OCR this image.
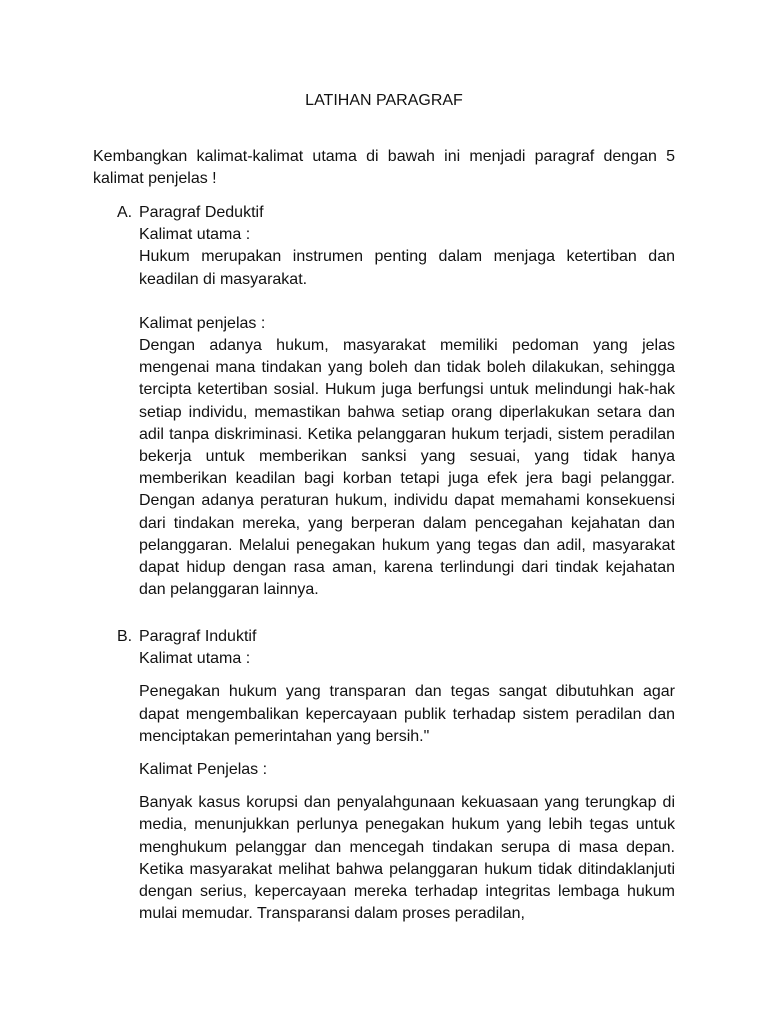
LATIHAN PARAGRAF
Kembangkan kalimat-kalimat utama di bawah ini menjadi paragraf dengan 5 kalimat penjelas !
A. Paragraf Deduktif

Kalimat utama :

Hukum merupakan instrumen penting dalam menjaga ketertiban dan keadilan di masyarakat.

Kalimat penjelas :

Dengan adanya hukum, masyarakat memiliki pedoman yang jelas mengenai mana tindakan yang boleh dan tidak boleh dilakukan, sehingga tercipta ketertiban sosial. Hukum juga berfungsi untuk melindungi hak-hak setiap individu, memastikan bahwa setiap orang diperlakukan setara dan adil tanpa diskriminasi. Ketika pelanggaran hukum terjadi, sistem peradilan bekerja untuk memberikan sanksi yang sesuai, yang tidak hanya memberikan keadilan bagi korban tetapi juga efek jera bagi pelanggar. Dengan adanya peraturan hukum, individu dapat memahami konsekuensi dari tindakan mereka, yang berperan dalam pencegahan kejahatan dan pelanggaran. Melalui penegakan hukum yang tegas dan adil, masyarakat dapat hidup dengan rasa aman, karena terlindungi dari tindak kejahatan dan pelanggaran lainnya.

B. Paragraf Induktif

Kalimat utama :

Penegakan hukum yang transparan dan tegas sangat dibutuhkan agar dapat mengembalikan kepercayaan publik terhadap sistem peradilan dan menciptakan pemerintahan yang bersih."

Kalimat Penjelas :

Banyak kasus korupsi dan penyalahgunaan kekuasaan yang terungkap di media, menunjukkan perlunya penegakan hukum yang lebih tegas untuk menghukum pelanggar dan mencegah tindakan serupa di masa depan. Ketika masyarakat melihat bahwa pelanggaran hukum tidak ditindaklanjuti dengan serius, kepercayaan mereka terhadap integritas lembaga hukum mulai memudar. Transparansi dalam proses peradilan,
